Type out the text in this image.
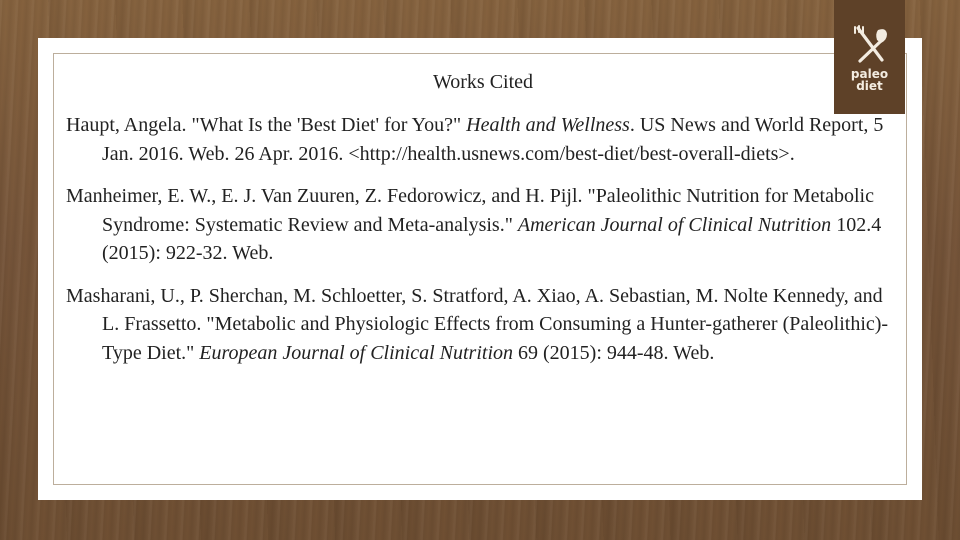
Works Cited

Haupt, Angela. "What Is the 'Best Diet' for You?" Health and Wellness. US News and World Report, 5 Jan. 2016. Web. 26 Apr. 2016. <http://health.usnews.com/best-diet/best-overall-diets>.

Manheimer, E. W., E. J. Van Zuuren, Z. Fedorowicz, and H. Pijl. "Paleolithic Nutrition for Metabolic Syndrome: Systematic Review and Meta-analysis." American Journal of Clinical Nutrition 102.4 (2015): 922-32. Web.

Masharani, U., P. Sherchan, M. Schloetter, S. Stratford, A. Xiao, A. Sebastian, M. Nolte Kennedy, and L. Frassetto. "Metabolic and Physiologic Effects from Consuming a Hunter-gatherer (Paleolithic)-Type Diet." European Journal of Clinical Nutrition 69 (2015): 944-48. Web.

paleo
diet
